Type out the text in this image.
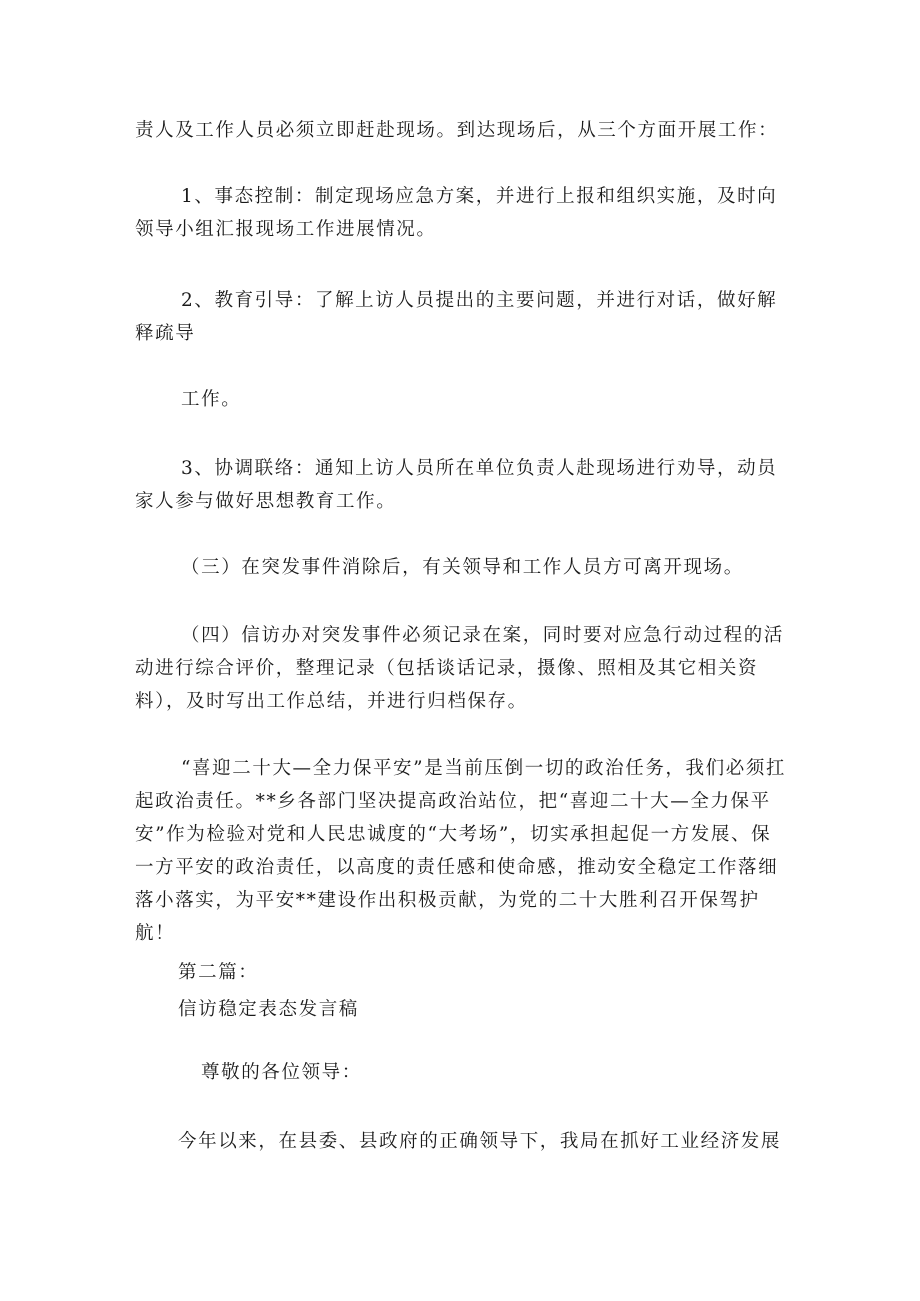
责人及工作人员必须立即赶赴现场。到达现场后，从三个方面开展工作：

1、事态控制：制定现场应急方案，并进行上报和组织实施，及时向领导小组汇报现场工作进展情况。

2、教育引导：了解上访人员提出的主要问题，并进行对话，做好解释疏导

工作。

3、协调联络：通知上访人员所在单位负责人赴现场进行劝导，动员家人参与做好思想教育工作。

（三）在突发事件消除后，有关领导和工作人员方可离开现场。

（四）信访办对突发事件必须记录在案，同时要对应急行动过程的活动进行综合评价，整理记录（包括谈话记录，摄像、照相及其它相关资料），及时写出工作总结，并进行归档保存。

“喜迎二十大—全力保平安”是当前压倒一切的政治任务，我们必须扛起政治责任。**乡各部门坚决提高政治站位，把“喜迎二十大—全力保平安”作为检验对党和人民忠诚度的“大考场”，切实承担起促一方发展、保一方平安的政治责任，以高度的责任感和使命感，推动安全稳定工作落细落小落实，为平安**建设作出积极贡献，为党的二十大胜利召开保驾护航！

第二篇：

信访稳定表态发言稿

尊敬的各位领导：

今年以来，在县委、县政府的正确领导下，我局在抓好工业经济发展
